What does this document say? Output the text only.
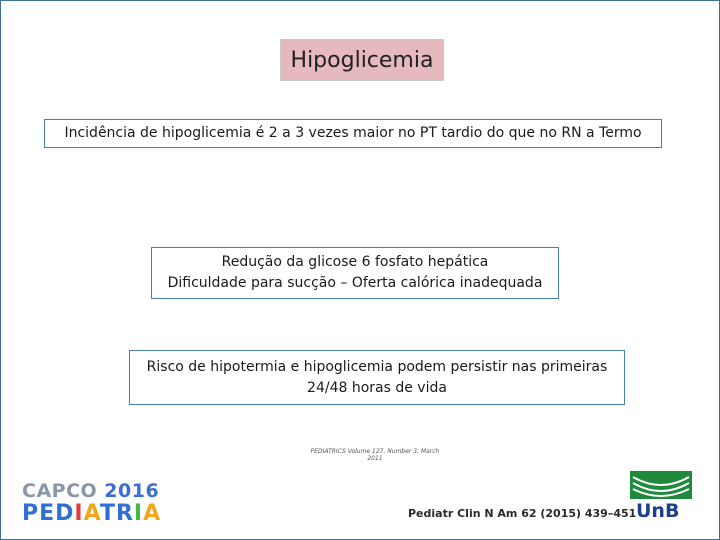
Hipoglicemia
Incidência de hipoglicemia é 2 a 3 vezes maior no PT tardio do que no RN a Termo
Redução da glicose 6 fosfato hepática
Dificuldade para sucção – Oferta calórica inadequada
Risco de hipotermia e hipoglicemia podem persistir nas primeiras
24/48 horas de vida
PEDIATRICS Volume 127, Number 3, March 2011
CAPCO 2016
PEDIATRIA	Pediatr Clin N Am 62 (2015) 439–451 UnB
